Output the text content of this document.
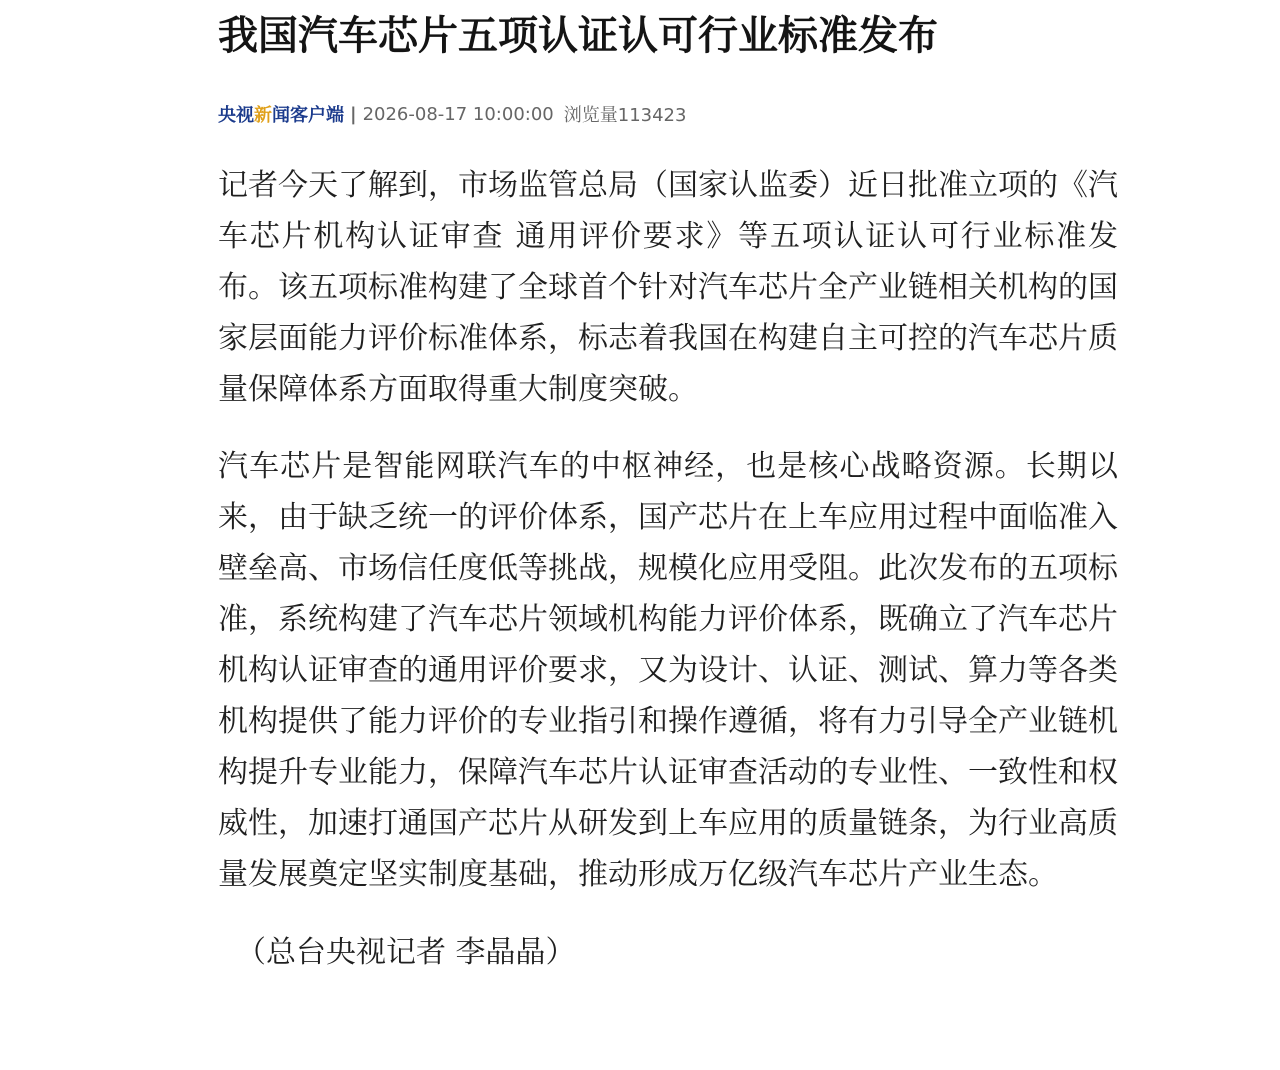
我国汽车芯片五项认证认可行业标准发布
央视新闻客户端 | 2026-08-17 10:00:00 浏览量113423

记者今天了解到，市场监管总局（国家认监委）近日批准立项的《汽车芯片机构认证审查 通用评价要求》等五项认证认可行业标准发布。该五项标准构建了全球首个针对汽车芯片全产业链相关机构的国家层面能力评价标准体系，标志着我国在构建自主可控的汽车芯片质量保障体系方面取得重大制度突破。

汽车芯片是智能网联汽车的中枢神经，也是核心战略资源。长期以来，由于缺乏统一的评价体系，国产芯片在上车应用过程中面临准入壁垒高、市场信任度低等挑战，规模化应用受阻。此次发布的五项标准，系统构建了汽车芯片领域机构能力评价体系，既确立了汽车芯片机构认证审查的通用评价要求，又为设计、认证、测试、算力等各类机构提供了能力评价的专业指引和操作遵循，将有力引导全产业链机构提升专业能力，保障汽车芯片认证审查活动的专业性、一致性和权威性，加速打通国产芯片从研发到上车应用的质量链条，为行业高质量发展奠定坚实制度基础，推动形成万亿级汽车芯片产业生态。

（总台央视记者 李晶晶）
